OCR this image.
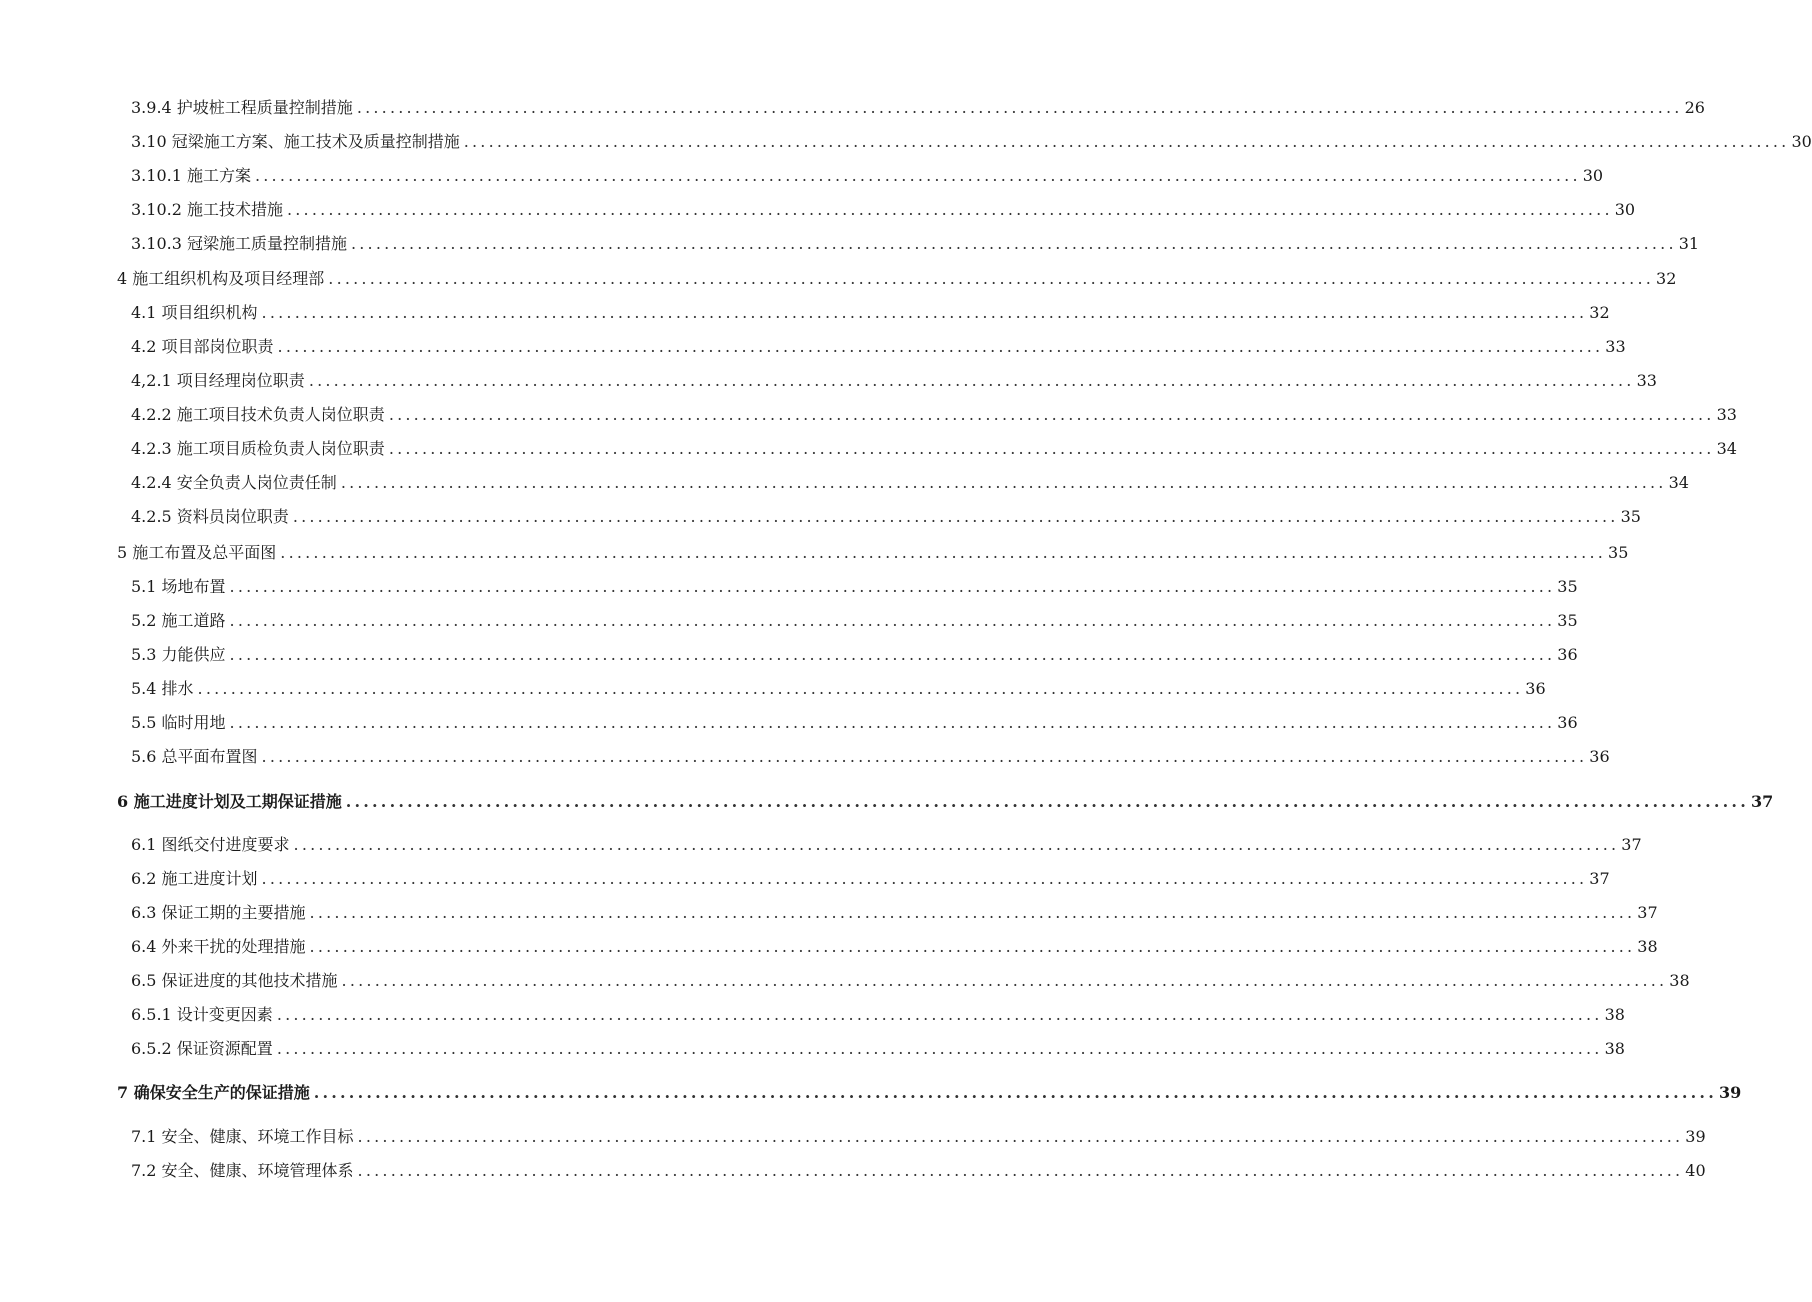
3.9.4 护坡桩工程质量控制措施 ................................................................................................................................................................ 26
3.10 冠梁施工方案、施工技术及质量控制措施 ................................................................................................................................................................ 30
3.10.1 施工方案 ................................................................................................................................................................ 30
3.10.2 施工技术措施 ................................................................................................................................................................ 30
3.10.3 冠梁施工质量控制措施 ................................................................................................................................................................ 31
4 施工组织机构及项目经理部 ................................................................................................................................................................ 32
4.1 项目组织机构 ................................................................................................................................................................ 32
4.2 项目部岗位职责 ................................................................................................................................................................ 33
4,2.1 项目经理岗位职责 ................................................................................................................................................................ 33
4.2.2 施工项目技术负责人岗位职责 ................................................................................................................................................................ 33
4.2.3 施工项目质检负责人岗位职责 ................................................................................................................................................................ 34
4.2.4 安全负责人岗位责任制 ................................................................................................................................................................ 34
4.2.5 资料员岗位职责 ................................................................................................................................................................ 35
5 施工布置及总平面图 ................................................................................................................................................................ 35
5.1 场地布置 ................................................................................................................................................................ 35
5.2 施工道路 ................................................................................................................................................................ 35
5.3 力能供应 ................................................................................................................................................................ 36
5.4 排水 ................................................................................................................................................................ 36
5.5 临时用地 ................................................................................................................................................................ 36
5.6 总平面布置图 ................................................................................................................................................................ 36
6 施工进度计划及工期保证措施 ................................................................................................................................................................ 37
6.1 图纸交付进度要求 ................................................................................................................................................................ 37
6.2 施工进度计划 ................................................................................................................................................................ 37
6.3 保证工期的主要措施 ................................................................................................................................................................ 37
6.4 外来干扰的处理措施 ................................................................................................................................................................ 38
6.5 保证进度的其他技术措施 ................................................................................................................................................................ 38
6.5.1 设计变更因素 ................................................................................................................................................................ 38
6.5.2 保证资源配置 ................................................................................................................................................................ 38
7 确保安全生产的保证措施 ................................................................................................................................................................ 39
7.1 安全、健康、环境工作目标 ................................................................................................................................................................ 39
7.2 安全、健康、环境管理体系 ................................................................................................................................................................ 40
